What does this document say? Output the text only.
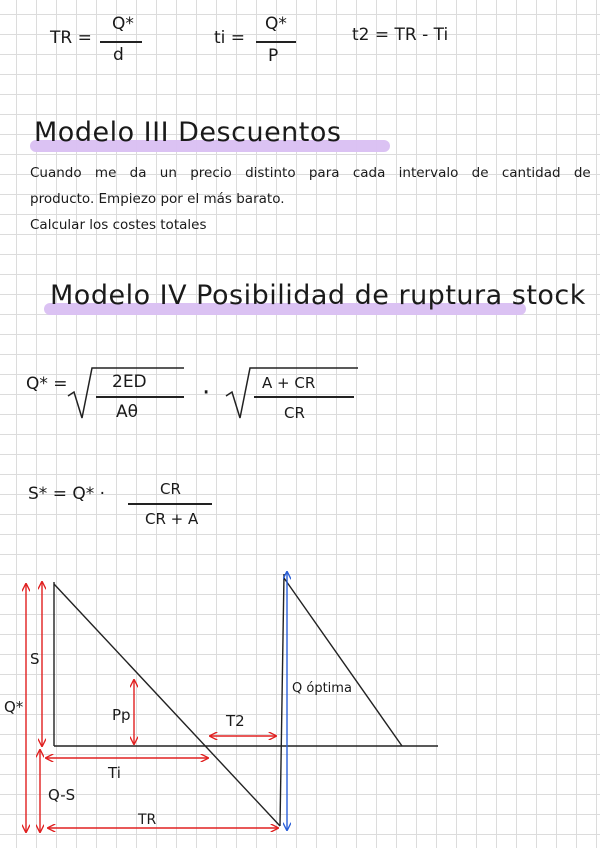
TR =
Q*
d
ti =
Q*
P
t2 = TR - Ti
Modelo III Descuentos
Cuando me da un precio distinto para cada intervalo de cantidad de
producto. Empiezo por el más barato.
Calcular los costes totales
Modelo IV Posibilidad de ruptura stock
Q* =	2ED
Aθ
·	A + CR
CR
S* = Q* ·	CR
CR + A
S
Q*	Pp	T2
Ti
Q-S
TR
Q óptima
